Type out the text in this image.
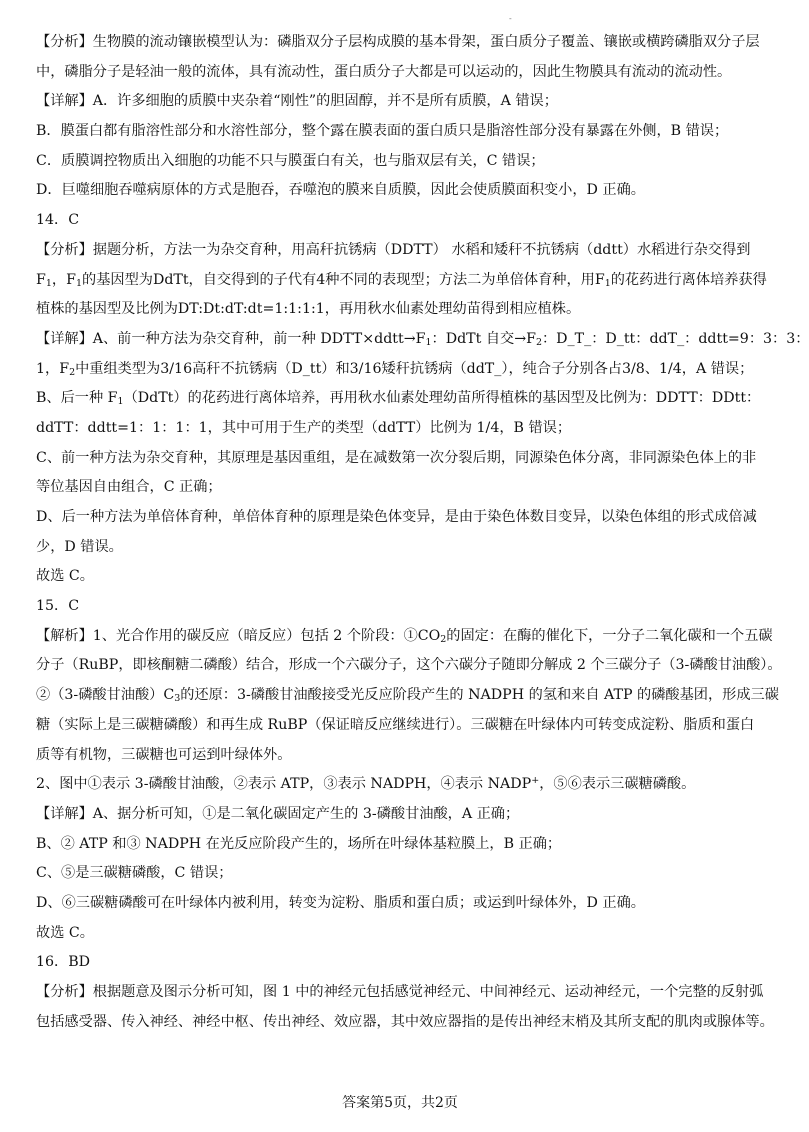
-
【分析】生物膜的流动镶嵌模型认为：磷脂双分子层构成膜的基本骨架，蛋白质分子覆盖、镶嵌或横跨磷脂双分子层
中，磷脂分子是轻油一般的流体，具有流动性，蛋白质分子大都是可以运动的，因此生物膜具有流动的流动性。
【详解】A．许多细胞的质膜中夹杂着“刚性”的胆固醇，并不是所有质膜，A 错误；
B．膜蛋白都有脂溶性部分和水溶性部分，整个露在膜表面的蛋白质只是脂溶性部分没有暴露在外侧，B 错误；
C．质膜调控物质出入细胞的功能不只与膜蛋白有关，也与脂双层有关，C 错误；
D．巨噬细胞吞噬病原体的方式是胞吞，吞噬泡的膜来自质膜，因此会使质膜面积变小，D 正确。
14．C
【分析】据题分析，方法一为杂交育种，用高秆抗锈病（DDTT） 水稻和矮秆不抗锈病（ddtt）水稻进行杂交得到
$F_1$，$F_1$的基因型为DdTt，自交得到的子代有4种不同的表现型；方法二为单倍体育种，用$F_1$的花药进行离体培养获得
植株的基因型及比例为DT:Dt:dT:dt=1:1:1:1，再用秋水仙素处理幼苗得到相应植株。
【详解】A、前一种方法为杂交育种，前一种 $DDTT\times ddtt\to F_1$：DdTt 自交$\to F_2$：D_T_：D_tt：ddT_：ddtt=9：3：3：
1，$F_2$中重组类型为3/16高秆不抗锈病（D_tt）和3/16矮秆抗锈病（ddT_），纯合子分别各占3/8、1/4，A 错误；
B、后一种 $F_1(DdTt)$的花药进行离体培养，再用秋水仙素处理幼苗所得植株的基因型及比例为：DDTT：DDtt：
ddTT：ddtt=1：1：1：1，其中可用于生产的类型（ddTT）比例为 1/4，B 错误；
C、前一种方法为杂交育种，其原理是基因重组，是在减数第一次分裂后期，同源染色体分离，非同源染色体上的非
等位基因自由组合，C 正确；
D、后一种方法为单倍体育种，单倍体育种的原理是染色体变异，是由于染色体数目变异，以染色体组的形式成倍减
少，D 错误。
故选 C。
15．C
【解析】1、光合作用的碳反应（暗反应）包括 2 个阶段：$①CO_2$的固定：在酶的催化下，一分子二氧化碳和一个五碳
分子（RuBP，即核酮糖二磷酸）结合，形成一个六碳分子，这个六碳分子随即分解成 2 个三碳分子（3-磷酸甘油酸）。
②（3-磷酸甘油酸）$C_3$的还原：3-磷酸甘油酸接受光反应阶段产生的 NADPH 的氢和来自 ATP 的磷酸基团，形成三碳
糖（实际上是三碳糖磷酸）和再生成 RuBP（保证暗反应继续进行）。三碳糖在叶绿体内可转变成淀粉、脂质和蛋白
质等有机物，三碳糖也可运到叶绿体外。
2、图中①表示 3-磷酸甘油酸，②表示 ATP，③表示 NADPH，④表示 NADP+，⑤⑥表示三碳糖磷酸。
【详解】A、据分析可知，①是二氧化碳固定产生的 3-磷酸甘油酸，A 正确；
B、② ATP 和③ NADPH 在光反应阶段产生的，场所在叶绿体基粒膜上，B 正确；
C、⑤是三碳糖磷酸，C 错误；
D、⑥三碳糖磷酸可在叶绿体内被利用，转变为淀粉、脂质和蛋白质；或运到叶绿体外，D 正确。
故选 C。
16．BD
【分析】根据题意及图示分析可知，图 1 中的神经元包括感觉神经元、中间神经元、运动神经元，一个完整的反射弧
包括感受器、传入神经、神经中枢、传出神经、效应器，其中效应器指的是传出神经末梢及其所支配的肌肉或腺体等。
答案第5页，共2页
